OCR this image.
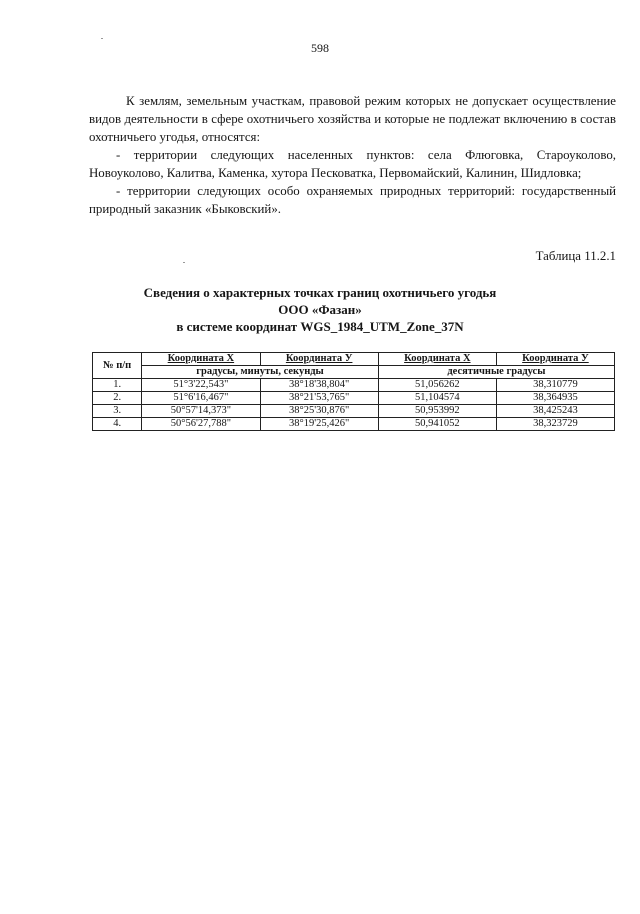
598

К землям, земельным участкам, правовой режим которых не допускает осуществление видов деятельности в сфере охотничьего хозяйства и которые не подлежат включению в состав охотничьего угодья, относятся:

- территории следующих населенных пунктов: села Флюговка, Староуколово, Новоуколово, Калитва, Каменка, хутора Песковатка, Первомайский, Калинин, Шидловка;

- территории следующих особо охраняемых природных территорий: государственный природный заказник «Быковский».

Таблица 11.2.1
Сведения о характерных точках границ охотничьего угодья
ООО «Фазан»
в системе координат WGS_1984_UTM_Zone_37N
№ п/п	Координата X	Координата У	Координата X	Координата У
	градусы, минуты, секунды		десятичные градусы	
1.	51°3'22,543"	38°18'38,804"	51,056262	38,310779
2.	51°6'16,467"	38°21'53,765"	51,104574	38,364935
3.	50°57'14,373"	38°25'30,876"	50,953992	38,425243
4.	50°56'27,788"	38°19'25,426"	50,941052	38,323729
